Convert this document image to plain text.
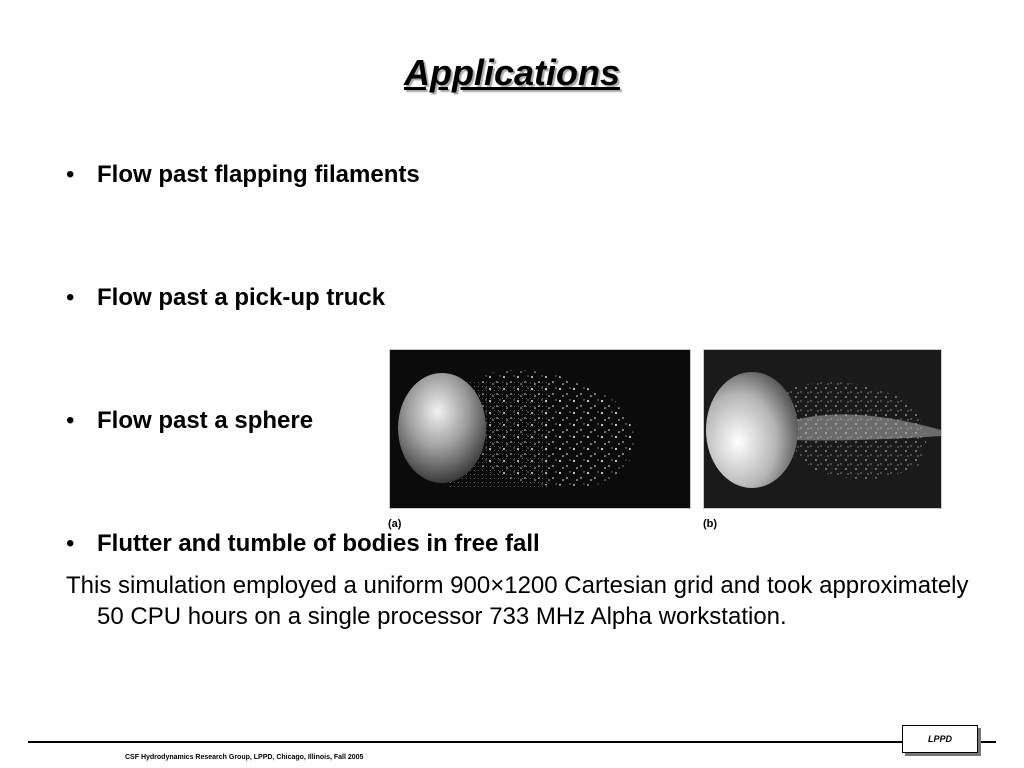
Applications
• Flow past flapping filaments
• Flow past a pick-up truck
• Flow past a sphere
(a)	(b)
• Flutter and tumble of bodies in free fall
This simulation employed a uniform 900×1200 Cartesian grid and took approximately 50 CPU hours on a single processor 733 MHz Alpha workstation.
CSF Hydrodynamics Research Group, LPPD, Chicago, Illinois, Fall 2005
LPPD
